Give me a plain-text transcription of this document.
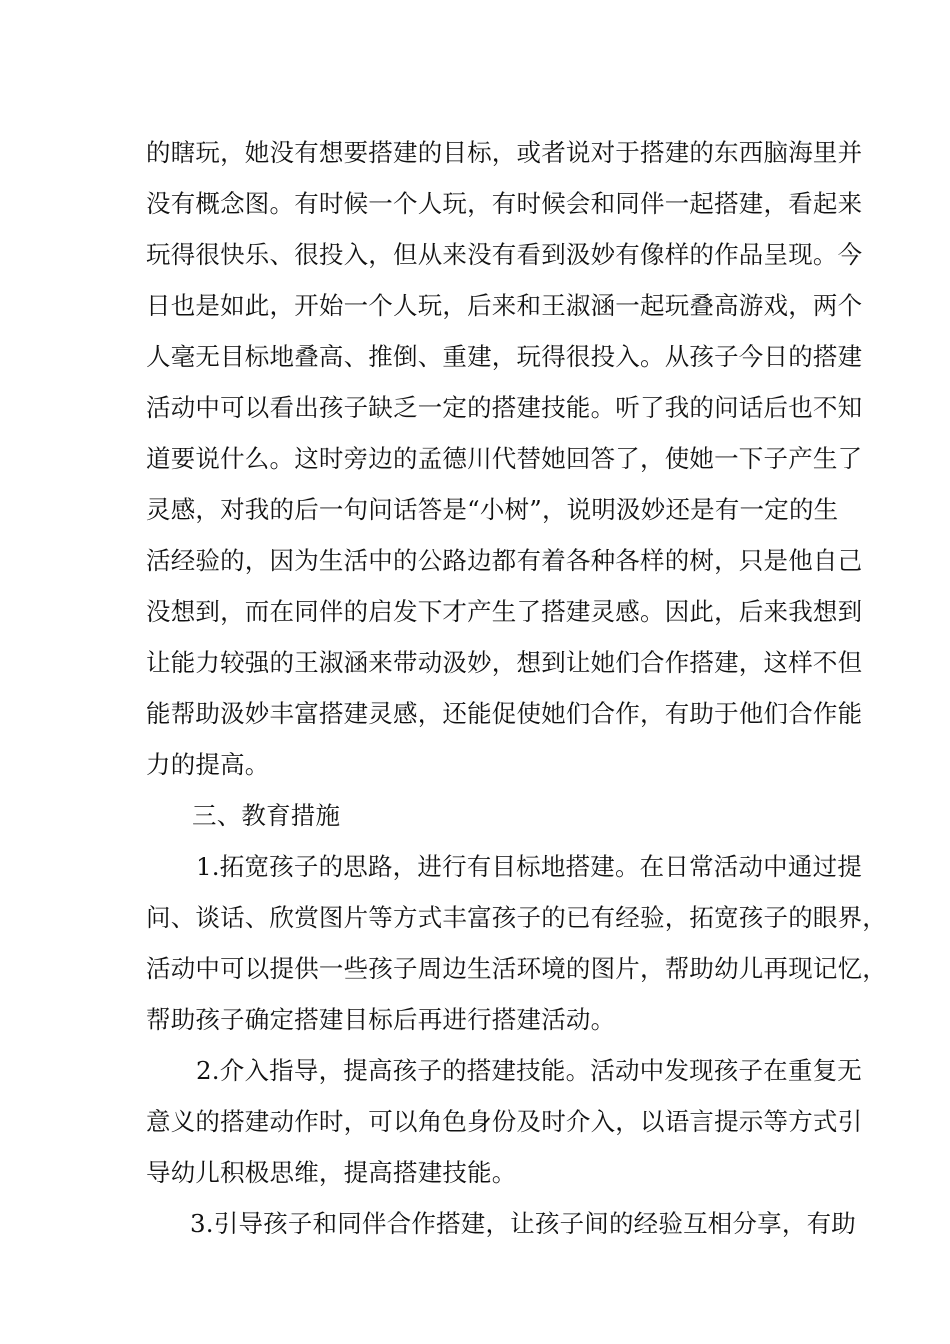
的瞎玩，她没有想要搭建的目标，或者说对于搭建的东西脑海里并
没有概念图。有时候一个人玩，有时候会和同伴一起搭建，看起来
玩得很快乐、很投入，但从来没有看到汲妙有像样的作品呈现。今
日也是如此，开始一个人玩，后来和王淑涵一起玩叠高游戏，两个
人毫无目标地叠高、推倒、重建，玩得很投入。从孩子今日的搭建
活动中可以看出孩子缺乏一定的搭建技能。听了我的问话后也不知
道要说什么。这时旁边的孟德川代替她回答了，使她一下子产生了
灵感，对我的后一句问话答是“小树”，说明汲妙还是有一定的生
活经验的，因为生活中的公路边都有着各种各样的树，只是他自己
没想到，而在同伴的启发下才产生了搭建灵感。因此，后来我想到
让能力较强的王淑涵来带动汲妙，想到让她们合作搭建，这样不但
能帮助汲妙丰富搭建灵感，还能促使她们合作，有助于他们合作能
力的提高。
三、教育措施
1.拓宽孩子的思路，进行有目标地搭建。在日常活动中通过提
问、谈话、欣赏图片等方式丰富孩子的已有经验，拓宽孩子的眼界，
活动中可以提供一些孩子周边生活环境的图片，帮助幼儿再现记忆，
帮助孩子确定搭建目标后再进行搭建活动。
2.介入指导，提高孩子的搭建技能。活动中发现孩子在重复无
意义的搭建动作时，可以角色身份及时介入，以语言提示等方式引
导幼儿积极思维，提高搭建技能。
3.引导孩子和同伴合作搭建，让孩子间的经验互相分享，有助
